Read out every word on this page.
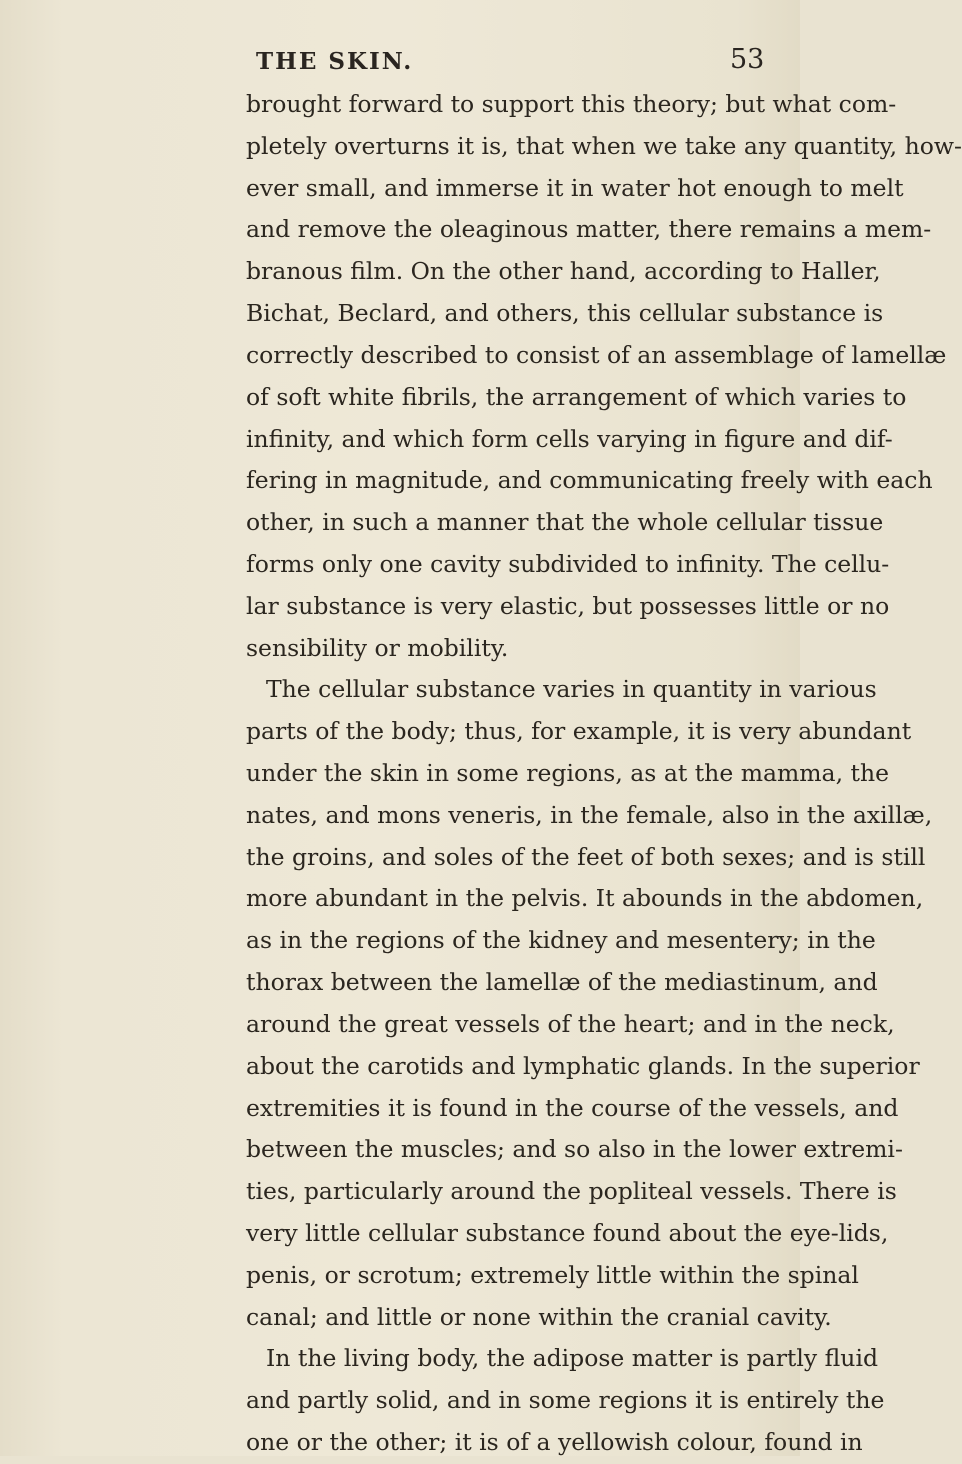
THE SKIN.	53
brought forward to support this theory; but what com-
pletely overturns it is, that when we take any quantity, how-
ever small, and immerse it in water hot enough to melt
and remove the oleaginous matter, there remains a mem-
branous film. On the other hand, according to Haller,
Bichat, Beclard, and others, this cellular substance is
correctly described to consist of an assemblage of lamellæ
of soft white fibrils, the arrangement of which varies to
infinity, and which form cells varying in figure and dif-
fering in magnitude, and communicating freely with each
other, in such a manner that the whole cellular tissue
forms only one cavity subdivided to infinity. The cellu-
lar substance is very elastic, but possesses little or no
sensibility or mobility.
The cellular substance varies in quantity in various
parts of the body; thus, for example, it is very abundant
under the skin in some regions, as at the mamma, the
nates, and mons veneris, in the female, also in the axillæ,
the groins, and soles of the feet of both sexes; and is still
more abundant in the pelvis. It abounds in the abdomen,
as in the regions of the kidney and mesentery; in the
thorax between the lamellæ of the mediastinum, and
around the great vessels of the heart; and in the neck,
about the carotids and lymphatic glands. In the superior
extremities it is found in the course of the vessels, and
between the muscles; and so also in the lower extremi-
ties, particularly around the popliteal vessels. There is
very little cellular substance found about the eye-lids,
penis, or scrotum; extremely little within the spinal
canal; and little or none within the cranial cavity.
In the living body, the adipose matter is partly fluid
and partly solid, and in some regions it is entirely the
one or the other; it is of a yellowish colour, found in
